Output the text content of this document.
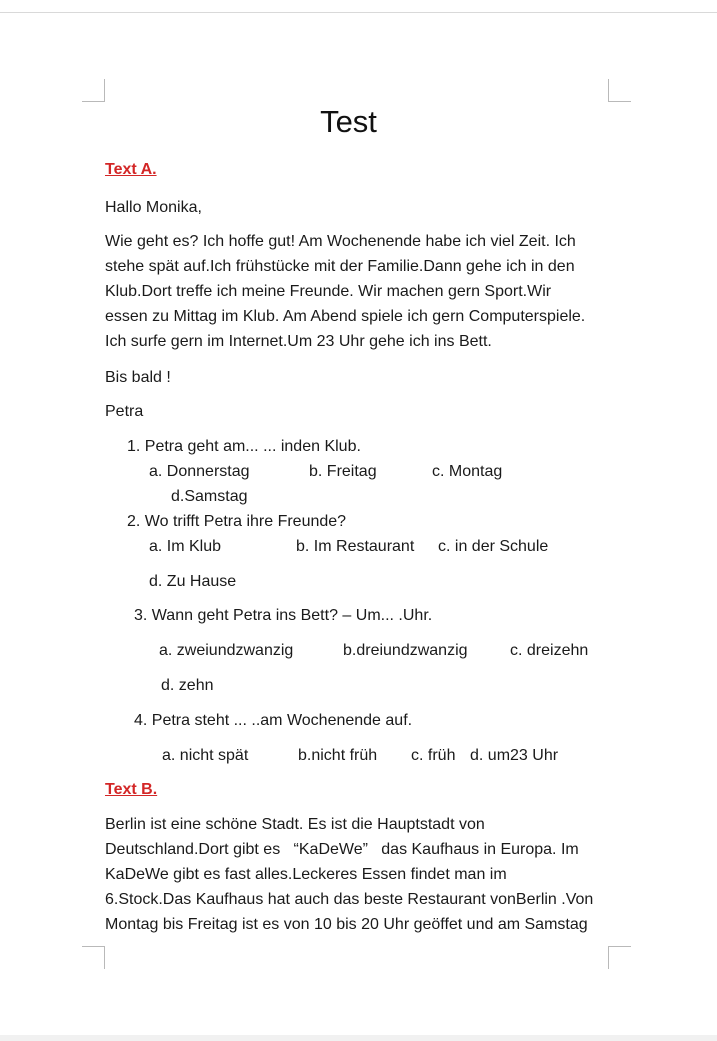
Test
Text A.
Hallo Monika,
Wie geht es? Ich hoffe gut! Am Wochenende habe ich viel Zeit. Ich
stehe spät auf.Ich frühstücke mit der Familie.Dann gehe ich in den
Klub.Dort treffe ich meine Freunde. Wir machen gern Sport.Wir
essen zu Mittag im Klub. Am Abend spiele ich gern Computerspiele.
Ich surfe gern im Internet.Um 23 Uhr gehe ich ins Bett.
Bis bald !
Petra
1. Petra geht am... ... inden Klub.
a. Donnerstag	b. Freitag	c. Montag
d.Samstag
2. Wo trifft Petra ihre Freunde?
a. Im Klub	b. Im Restaurant c. in der Schule
d. Zu Hause
3. Wann geht Petra ins Bett? – Um... .Uhr.
a. zweiundzwanzig	b.dreiundzwanzig	c. dreizehn
d. zehn
4. Petra steht ... ..am Wochenende auf.
a. nicht spät	b.nicht früh c. früh d. um23 Uhr
Text B.
Berlin ist eine schöne Stadt. Es ist die Hauptstadt von
Deutschland.Dort gibt es   “KaDeWe”   das Kaufhaus in Europa. Im
KaDeWe gibt es fast alles.Leckeres Essen findet man im
6.Stock.Das Kaufhaus hat auch das beste Restaurant vonBerlin .Von
Montag bis Freitag ist es von 10 bis 20 Uhr geöffet und am Samstag
